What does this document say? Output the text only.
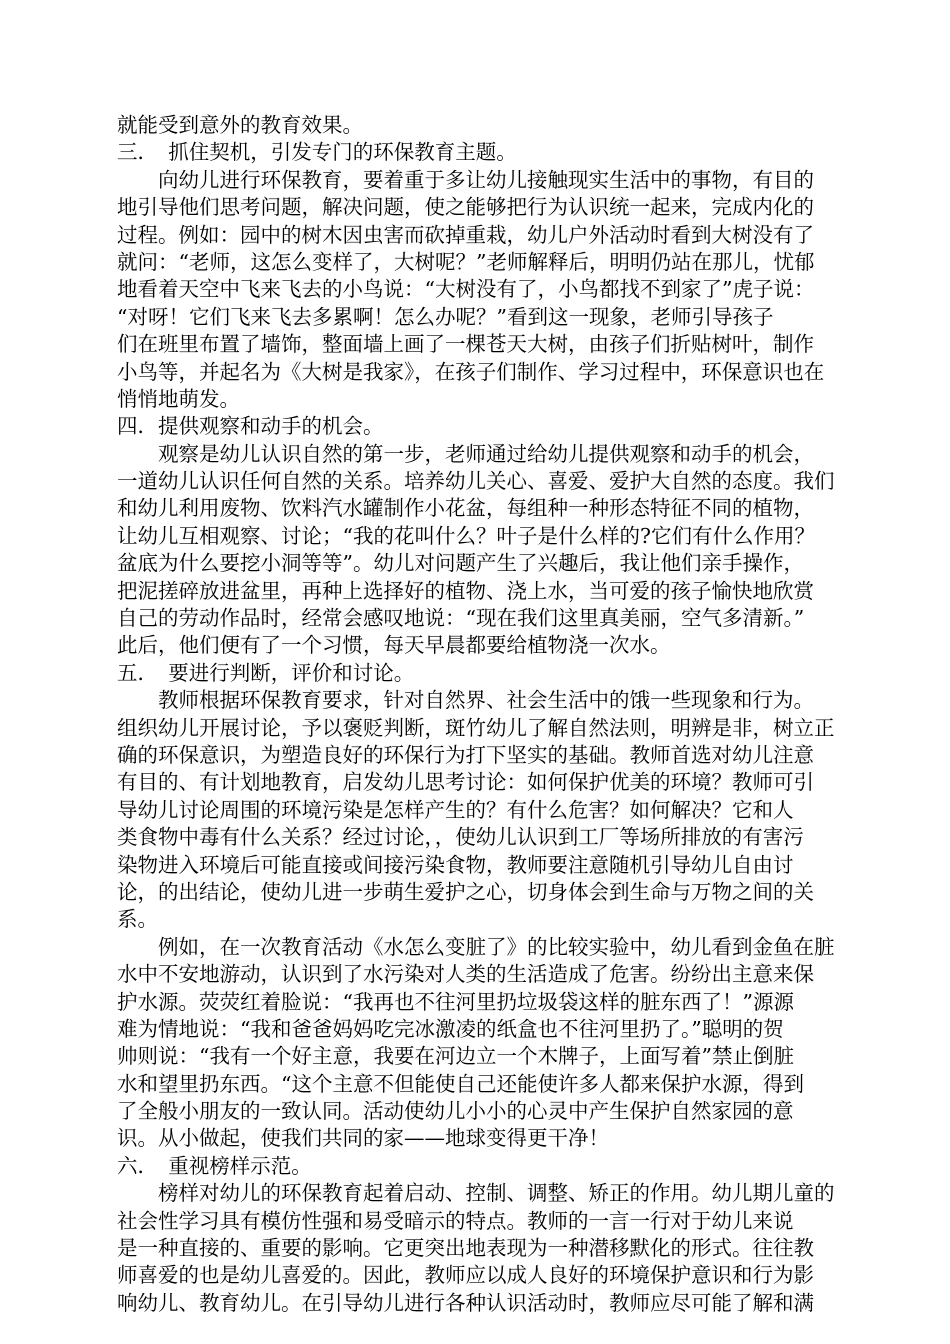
就能受到意外的教育效果。
三．　抓住契机，引发专门的环保教育主题。
向幼儿进行环保教育，要着重于多让幼儿接触现实生活中的事物，有目的
地引导他们思考问题，解决问题，使之能够把行为认识统一起来，完成内化的
过程。例如：园中的树木因虫害而砍掉重栽，幼儿户外活动时看到大树没有了
就问：“老师，这怎么变样了，大树呢？”老师解释后，明明仍站在那儿，忧郁
地看着天空中飞来飞去的小鸟说：“大树没有了，小鸟都找不到家了”虎子说：
“对呀！它们飞来飞去多累啊！怎么办呢？”看到这一现象，老师引导孩子
们在班里布置了墙饰，整面墙上画了一棵苍天大树，由孩子们折贴树叶，制作
小鸟等，并起名为《大树是我家》，在孩子们制作、学习过程中，环保意识也在
悄悄地萌发。
四．提供观察和动手的机会。
观察是幼儿认识自然的第一步，老师通过给幼儿提供观察和动手的机会，
一道幼儿认识任何自然的关系。培养幼儿关心、喜爱、爱护大自然的态度。我们
和幼儿利用废物、饮料汽水罐制作小花盆，每组种一种形态特征不同的植物，
让幼儿互相观察、讨论；“我的花叫什么？叶子是什么样的?它们有什么作用？
盆底为什么要挖小洞等等”。幼儿对问题产生了兴趣后，我让他们亲手操作，
把泥搓碎放进盆里，再种上选择好的植物、浇上水，当可爱的孩子愉快地欣赏
自己的劳动作品时，经常会感叹地说：“现在我们这里真美丽，空气多清新。”
此后，他们便有了一个习惯，每天早晨都要给植物浇一次水。
五．　要进行判断，评价和讨论。
教师根据环保教育要求，针对自然界、社会生活中的饿一些现象和行为。
组织幼儿开展讨论，予以褒贬判断，斑竹幼儿了解自然法则，明辨是非，树立正
确的环保意识，为塑造良好的环保行为打下坚实的基础。教师首选对幼儿注意
有目的、有计划地教育，启发幼儿思考讨论：如何保护优美的环境？教师可引
导幼儿讨论周围的环境污染是怎样产生的？有什么危害？如何解决？它和人
类食物中毒有什么关系？经过讨论，，使幼儿认识到工厂等场所排放的有害污
染物进入环境后可能直接或间接污染食物，教师要注意随机引导幼儿自由讨
论，的出结论，使幼儿进一步萌生爱护之心，切身体会到生命与万物之间的关
系。
例如，在一次教育活动《水怎么变脏了》的比较实验中，幼儿看到金鱼在脏
水中不安地游动，认识到了水污染对人类的生活造成了危害。纷纷出主意来保
护水源。荧荧红着脸说：“我再也不往河里扔垃圾袋这样的脏东西了！”源源
难为情地说：“我和爸爸妈妈吃完冰激凌的纸盒也不往河里扔了。”聪明的贺
帅则说：“我有一个好主意，我要在河边立一个木牌子，上面写着”禁止倒脏
水和望里扔东西。“这个主意不但能使自己还能使许多人都来保护水源，得到
了全般小朋友的一致认同。活动使幼儿小小的心灵中产生保护自然家园的意
识。从小做起，使我们共同的家——地球变得更干净！
六．　重视榜样示范。
榜样对幼儿的环保教育起着启动、控制、调整、矫正的作用。幼儿期儿童的
社会性学习具有模仿性强和易受暗示的特点。教师的一言一行对于幼儿来说
是一种直接的、重要的影响。它更突出地表现为一种潜移默化的形式。往往教
师喜爱的也是幼儿喜爱的。因此，教师应以成人良好的环境保护意识和行为影
响幼儿、教育幼儿。在引导幼儿进行各种认识活动时，教师应尽可能了解和满
